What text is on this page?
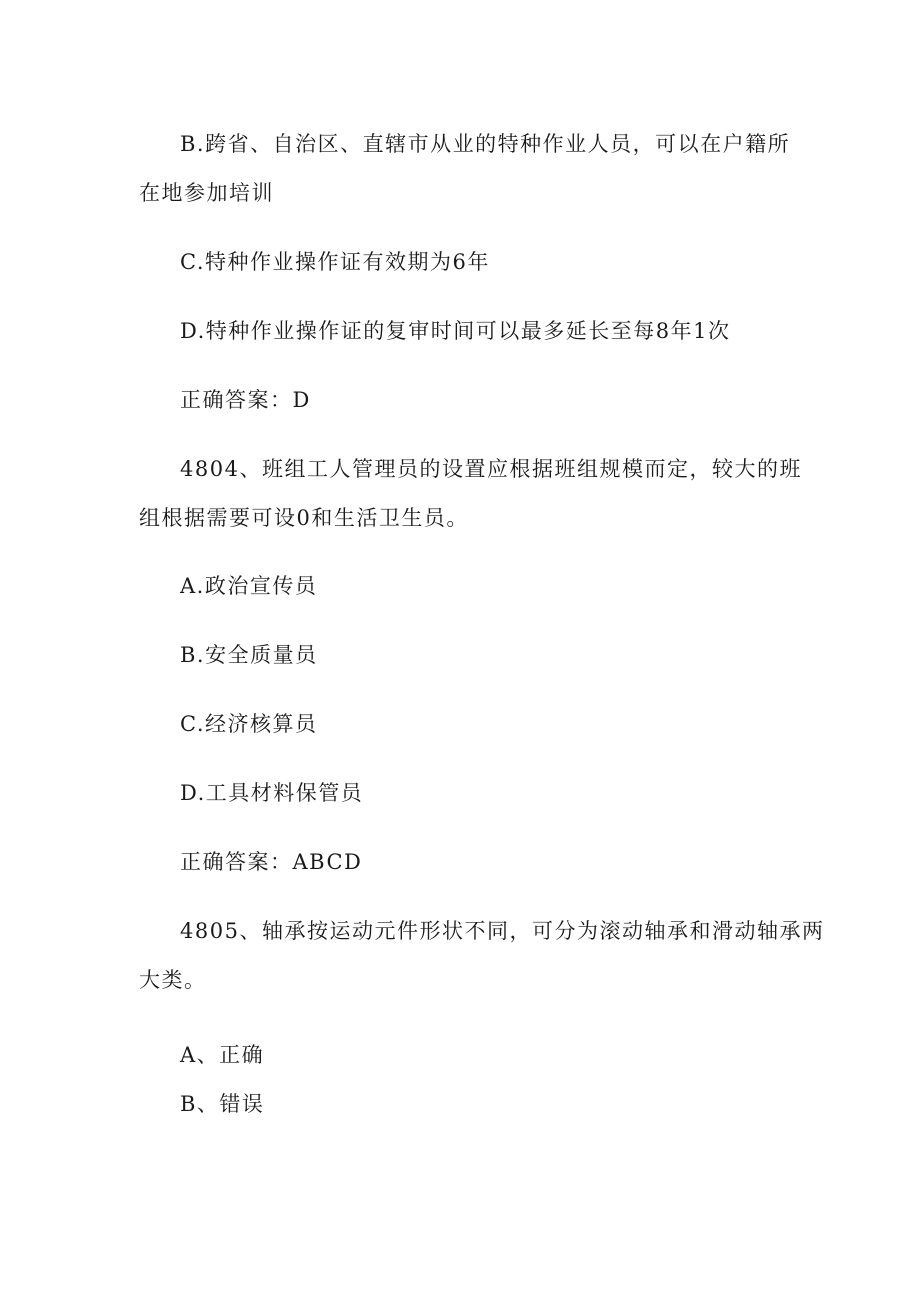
B.跨省、自治区、直辖市从业的特种作业人员，可以在户籍所
在地参加培训
C.特种作业操作证有效期为6年
D.特种作业操作证的复审时间可以最多延长至每8年1次
正确答案：D
4804、班组工人管理员的设置应根据班组规模而定，较大的班
组根据需要可设0和生活卫生员。
A.政治宣传员
B.安全质量员
C.经济核算员
D.工具材料保管员
正确答案：ABCD
4805、轴承按运动元件形状不同，可分为滚动轴承和滑动轴承两
大类。
A、正确
B、错误
